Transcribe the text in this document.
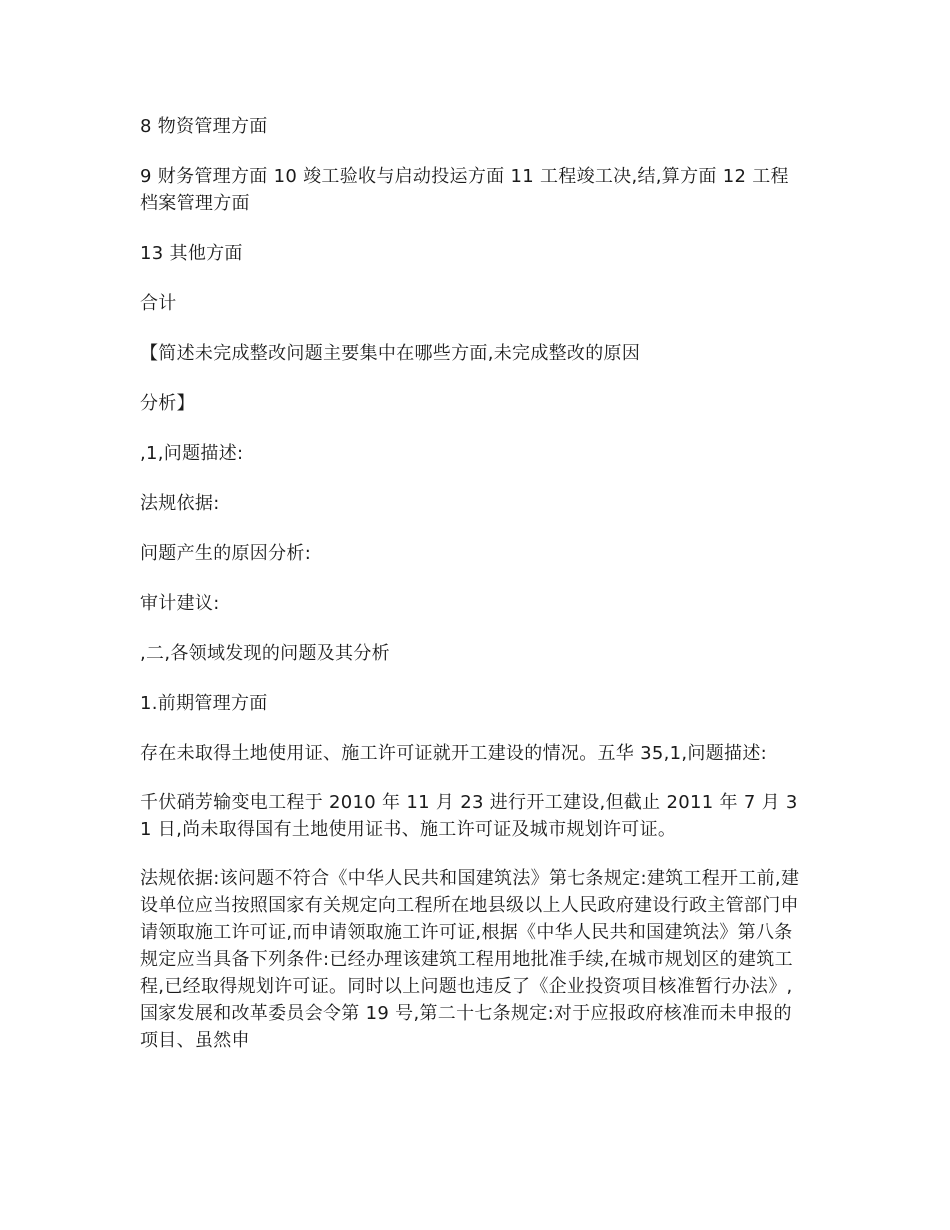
8 物资管理方面

9 财务管理方面 10 竣工验收与启动投运方面 11 工程竣工决,结,算方面 12 工程档案管理方面

13 其他方面

合计

【简述未完成整改问题主要集中在哪些方面,未完成整改的原因

分析】

,1,问题描述:

法规依据:

问题产生的原因分析:

审计建议:

,二,各领域发现的问题及其分析

1.前期管理方面

存在未取得土地使用证、施工许可证就开工建设的情况。五华 35,1,问题描述:

千伏硝芳输变电工程于 2010 年 11 月 23 进行开工建设,但截止 2011 年 7 月 31 日,尚未取得国有土地使用证书、施工许可证及城市规划许可证。

法规依据:该问题不符合《中华人民共和国建筑法》第七条规定:建筑工程开工前,建设单位应当按照国家有关规定向工程所在地县级以上人民政府建设行政主管部门申请领取施工许可证,而申请领取施工许可证,根据《中华人民共和国建筑法》第八条规定应当具备下列条件:已经办理该建筑工程用地批准手续,在城市规划区的建筑工程,已经取得规划许可证。同时以上问题也违反了《企业投资项目核准暂行办法》,国家发展和改革委员会令第 19 号,第二十七条规定:对于应报政府核准而未申报的项目、虽然申
